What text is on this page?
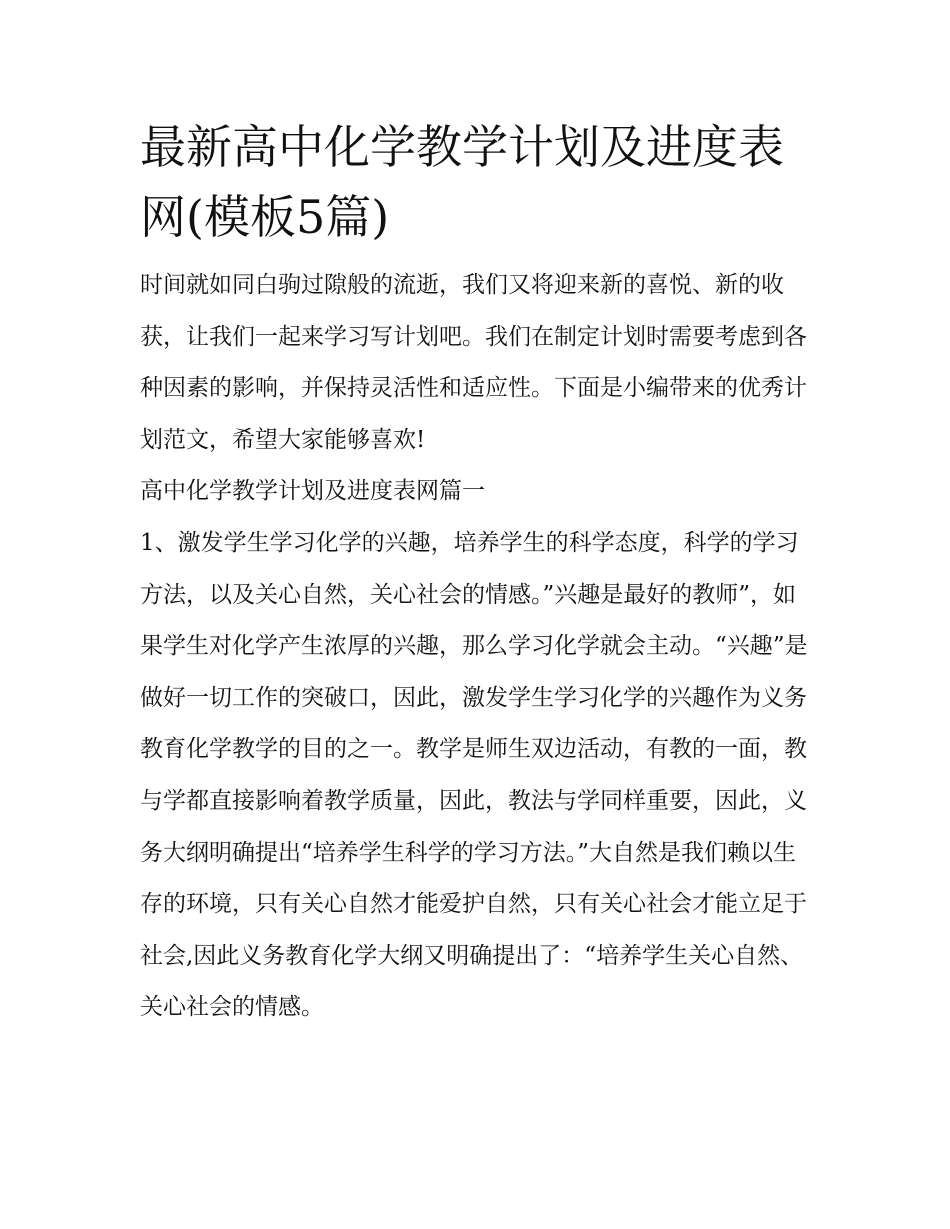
最新高中化学教学计划及进度表网(模板5篇)

时间就如同白驹过隙般的流逝，我们又将迎来新的喜悦、新的收获，让我们一起来学习写计划吧。我们在制定计划时需要考虑到各种因素的影响，并保持灵活性和适应性。下面是小编带来的优秀计划范文，希望大家能够喜欢!

高中化学教学计划及进度表网篇一

1、激发学生学习化学的兴趣，培养学生的科学态度，科学的学习方法，以及关心自然，关心社会的情感。”兴趣是最好的教师”，如果学生对化学产生浓厚的兴趣，那么学习化学就会主动。“兴趣”是做好一切工作的突破口，因此，激发学生学习化学的兴趣作为义务教育化学教学的目的之一。教学是师生双边活动，有教的一面，教与学都直接影响着教学质量，因此，教法与学同样重要，因此，义务大纲明确提出“培养学生科学的学习方法。”大自然是我们赖以生存的环境，只有关心自然才能爱护自然，只有关心社会才能立足于社会,因此义务教育化学大纲又明确提出了：“培养学生关心自然、关心社会的情感。
